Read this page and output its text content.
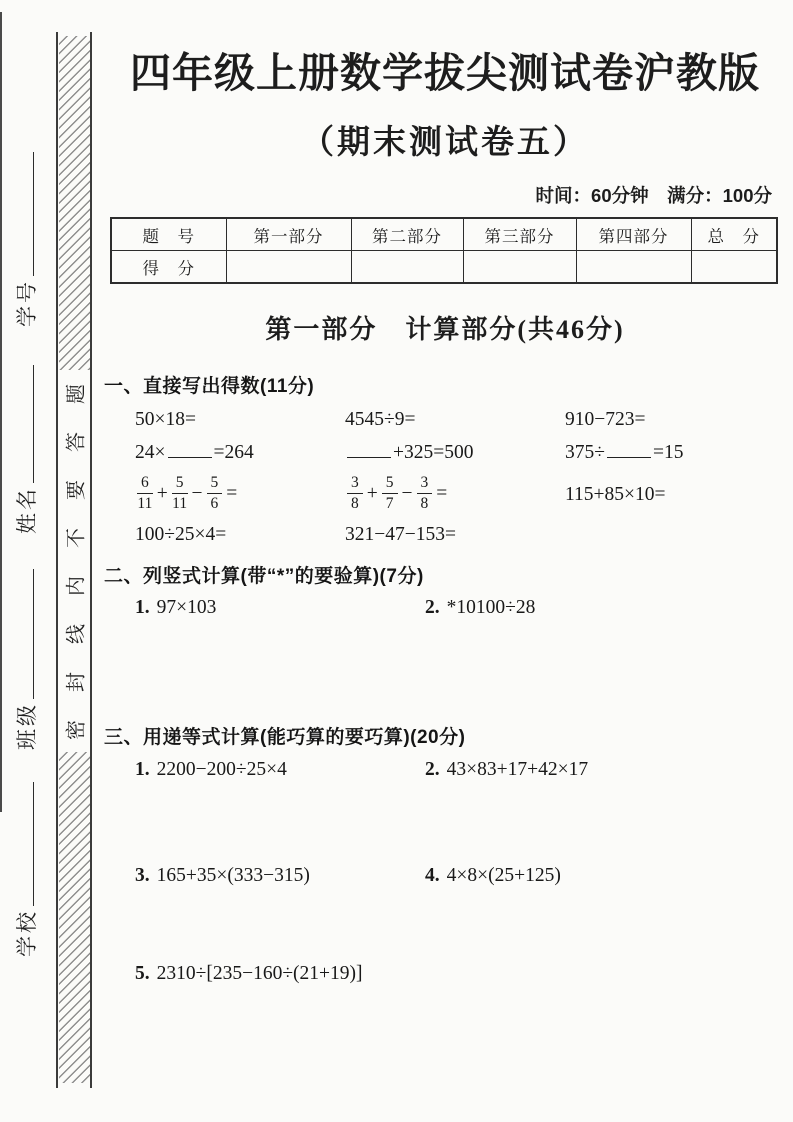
学号
姓名
班级
学校
题
答
要
不
内
线
封
密
四年级上册数学拔尖测试卷沪教版
（期末测试卷五）
时间：60分钟　满分：100分
题　号	第一部分	第二部分	第三部分	第四部分	总　分
得　分					
第一部分　计算部分(共46分)
一、直接写出得数(11分)
50×18=	4545÷9=	910−723=
24× =264	+325=500	375÷ =15
$\frac{6}{11} + \frac{5}{11} - \frac{5}{6}$ =	$\frac{3}{8} + \frac{5}{7} - \frac{3}{8}$ =	115+85×10=
100÷25×4=	321−47−153=
二、列竖式计算(带“*”的要验算)(7分)
1. 97×103	2. *10100÷28
三、用递等式计算(能巧算的要巧算)(20分)
1. 2200−200÷25×4	2. 43×83+17+42×17
3. 165+35×(333−315)	4. 4×8×(25+125)
5. 2310÷[235−160÷(21+19)]
